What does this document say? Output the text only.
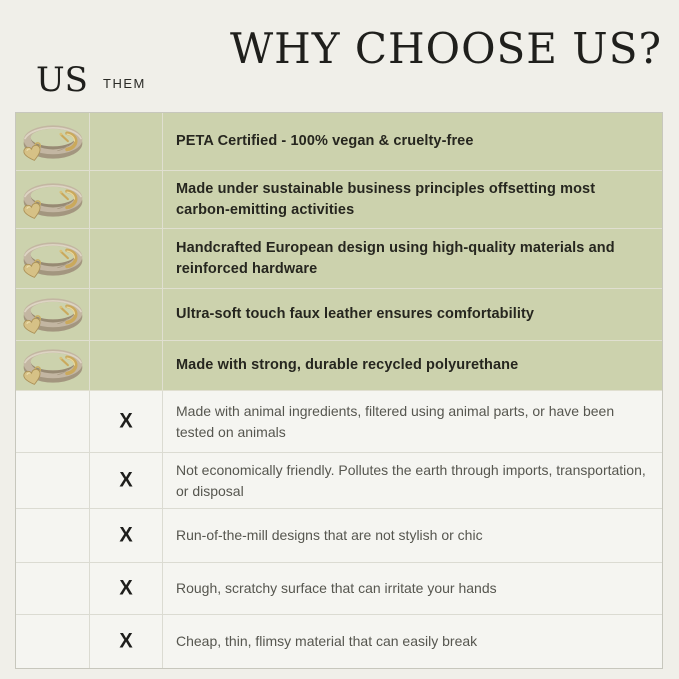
WHY CHOOSE US?
US THEM

PETA Certified - 100% vegan & cruelty-free

Made under sustainable business principles offsetting most carbon-emitting activities

Handcrafted European design using high-quality materials and reinforced hardware

Ultra-soft touch faux leather ensures comfortability

Made with strong, durable recycled polyurethane

X	Made with animal ingredients, filtered using animal parts, or have been tested on animals

X	Not economically friendly. Pollutes the earth through imports, transportation, or disposal

X	Run-of-the-mill designs that are not stylish or chic

X	Rough, scratchy surface that can irritate your hands

X	Cheap, thin, flimsy material that can easily break
